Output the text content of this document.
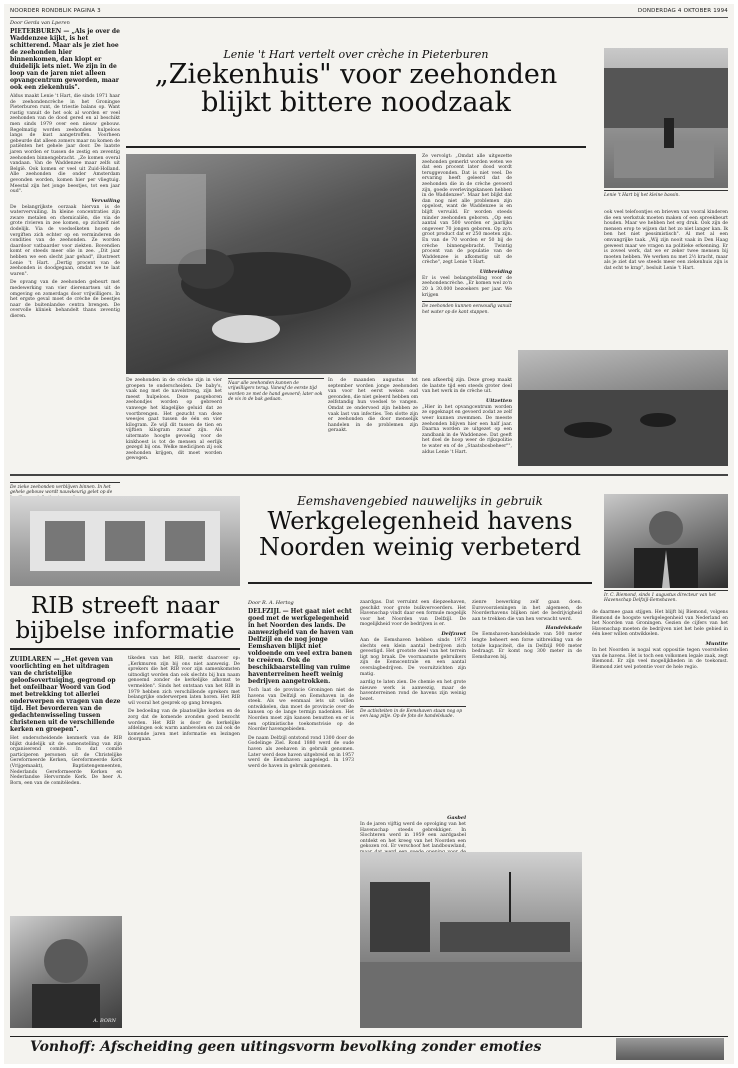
NOORDER RONDBLIK PAGINA 3	DONDERDAG 4 OKTOBER 1994
Door Gerda van Lperen
PIETERBUREN — „Als je over de Waddenzee kijkt, is het schitterend. Maar als je ziet hoe de zeehonden hier binnenkomen, dan klopt er duidelijk iets niet. We zijn in de loop van de jaren niet alleen opvangcentrum geworden, maar ook een ziekenhuis".
Aldus maakt Lenie 't Hart, die sinds 1971 haar de zeehondencrèche in het Groningse Pieterburen runt, de triestie balans op. Want rustig vanuit de het ook al worden er veel zeehonden van de dood gered en al beschikt men sinds 1979 over een nieuw gebouw. Regelmatig worden zeehonden hulpeloos langs de kust aangetroffen. Voorheen gebeurde dat alleen zomers maar nu komen de patiënten het gehele jaar door. De laatste jaren worden er tussen de zestig en zeventig zeehonden binnengebracht. „Ze komen overal vandaan. Van de Waddenzee maar zelfs uit België. Ook komen er veel uit Zuid-Holland. Alle zeehonden die onder Amsterdam gevonden worden, komen hier per vliegtuig. Meestal zijn het jonge beestjes, tot een jaar oud".
Vervuiling
De belangrijkste oorzaak hiervan is de watervervuiling. In kleine concentraties zijn zware metalen en chemicaliën, die via de grote rivieren in zee komen, op zichzelf niet dodelijk. Via de voedselketen hopen de vergiften zich echter op en verminderen de condities van de zeehonden. Ze worden daardoor vatbaarder voor ziekten. Bovendien komt er steeds meer olie in zee. „Dit jaar hebben we een slecht jaar gehad", illustreert Lenie 't Hart. „Dertig procent van de zeehonden is doodgegaan, omdat we te laat waren".
De opvang van de zeehonden gebeurt met medewerking van vier dierenartsen uit de omgeving en zomerdags door vrijwilligers. In het ergste geval moet de crèche de beestjes naar de buitenlandse centra brengen. De overvolle kliniek behandelt thans zeventig dieren.
De zieke zeehonden verblijven binnen. In het gehele gebouw wordt nauwkeurig gelet op de
Lenie 't Hart vertelt over crèche in Pieterburen
„Ziekenhuis" voor zeehonden blijkt bittere noodzaak
De zeehonden in de crèche zijn in vier groepen te onderscheiden. De baby's, vaak nog met de navelstreng, zijn het meest hulpeloos. Deze pasgeboren zeehondjes worden op gebreerd vanwege het klagelijke geluid dat ze voortbrengen. Het gezucht van deze weesjes gaat tussen de één en vier kilogram. Ze wijl dit tussen de tien en vijftien kilogram zwaar zijn. Als uitermate hoogte gevoelig voor de kinkhoest is tot de mensen al eerlijk gezegd bij ons. Welke medicijnen zij ook zeehonden krijgen, dit moet worden gewogen.
Naar alle zeehonden kunnen de vrijwilligers terug. Vaneuf de eerste tijd worden ze met de hand gevoerd; later ook de vis in de bak gedaan.
In de maanden augustus tot september worden jonge zeehonden van voor het eerst weken oud gevonden, die niet geleerd hebben om zelfstandig hun voedsel te vangen. Omdat ze ondervoed zijn hebben ze vaak last van infecties. Ten slotte zijn er zeehonden die door menselijk handelen in de problemen zijn geraakt.
nen afkeerbij zijn. Deze groep maakt de laatste tijd een steeds groter deel van het werk in de crèche uit.
Uitzetten
„Hier in het opvangcentrum worden ze opgeknapt en gevoerd zodat ze zelf weer kunnen zwemmen. De meeste zeehonden blijven hier een half jaar. Daarna worden ze uitgezet op een zandbank in de Waddenzee. Dat geeft het doel de hoop weer de rijkspolitie te water en of de „Staatsbosbeheer"", aldus Lenie 't Hart.
Ze vervolgt: „Omdat alle uitgezette zeehonden gemerkt worden weten we dat een procent later dood wordt teruggevonden. Dat is niet veel. De ervaring heeft geleerd dat de zeehonden die in de crèche gevoerd zijn, goede overlevingskansen hebben in de Waddenzee". Maar het blijkt dat dan nog niet alle problemen zijn opgelost, want de Waddenzee is en blijft vervuild. Er worden steeds minder zeehonden geboren. „Op een aantal van 500 worden er jaarlijks ongeveer 70 jongen geboren. Op zo'n groot product dat er 250 moeten zijn. En van de 70 worden er 50 bij de crèche binnengebracht. Twintig procent van de populatie van de Waddenzee is afkomstig uit de crèche", zegt Lenie 't Hart.
Uitbreiding
Er is veel belangstelling voor de zeehondencrèche. „Er komen wel zo'n 20 à 30.000 bezoekers per jaar. We krijgen
De zeehonden kunnen eenvoudig vanuit het water op de kant stappen.
Lenie 't Hart bij het kleine bassin.
ook veel telefoontjes en brieven van vooral kinderen die een werkstuk moeten maken of een spreekbeurt houden. Maar we hebben het erg druk. Ook zijn de mensen erop te wijzen dat het zo niet langer kan. Ik ben het niet pessimistisch". Al met al een omvangrijke taak. „Wij zijn nooit vaak in Den Haag geweest maar we vragen na politieke erkenning. Er is zoveel werk, dat we er zeker twee mensen bij moeten hebben. We werken nu met 2½ kracht, maar als je ziet dat we steeds meer een ziekenhuis zijn is dat echt te krap", besluit Lenie 't Hart.
RIB streeft naar bijbelse informatie
ZUIDLAREN — „Het geven van voorlichting en het uitdragen van de christelijke geloofsovertuiging, gegrond op het onfeilbaar Woord van God met betrekking tot allerlei onderwerpen en vragen van deze tijd. Het bevorderen van de gedachtenwisseling tussen christenen uit de verschillende kerken en groepen".
Het onderscheidende kenmerk van de RIB blijkt duidelijk uit de samenstelling van zijn organiserend comité. In dat comité participeren personen uit de Christelijke Gereformeerde Kerken, Gereformeerde Kerk (Vrijgemaakt), Baptistengemeenten, Nederlands Gereformeerde Kerken en Nederlandse Hervormde Kerk. De heer A. Born, een van de comitéleden.
tikeden van het RIB, merkt daarover op: „Kerkmuren zijn bij ons niet aanwezig. De sprekers die het RIB voor zijn samenkomsten uitnodigt worden dan ook slechts bij hun naam genoemd zonder de kerkelijke afkomst te vermelden". Sinds het ontstaan van het RIB in 1979 hebben zich verschillende sprekers met belangrijke onderwerpen laten horen. Het RIB wil vooral het gesprek op gang brengen.
De bedoeling van de plaatselijke kerken en de zorg dat de komende avonden goed bezocht worden. Het RIB is door de kerkelijke afdelingen ook warm aanbevolen en zal ook de komende jaren met informatie en lezingen doorgaan.
A. BORN
Eemshavengebied nauwelijks in gebruik
Werkgelegenheid havens Noorden weinig verbeterd
Door R. A. Hertog
DELFZIJL — Het gaat niet echt goed met de werkgelegenheid in het Noorden des lands. De aanwezigheid van de haven van Delfzijl en de nog jonge Eemshaven blijkt niet voldoende om veel extra banen te creëren. Ook de beschikbaarstelling van ruime haventerreinen heeft weinig bedrijven aangetrokken.
Toch laat de provincie Groningen niet de havens van Delfzijl en Eemshaven in de steek. Als we eenmaal iets uit willen ontwikkelen, dan moet de provincie over de kansen op de lange termijn nadenken. Het Noorden moet zijn kansen benutten en er is een optimistische toekomstvisie op de Noorder havengebieden.
De naam Delfzijl ontstond rond 1300 door de Godelinge Ziel. Rond 1880 werd de oude haven als zeehaven in gebruik genomen. Later werd deze haven uitgebreid en in 1957 werd de Eemshaven aangelegd. In 1973 werd de haven in gebruik genomen.
zaardgas. Dat verruimt een diepzeehaven, geschikt voor grote bulkvervoerders. Het Havenschap vindt daar een formule mogelijk voor het Noorden van Delfzijl. De mogelijkheid voor de bedrijven is er.
Delfzuwt
Aan de Eemshaven hebben sinds 1973 slechts een klein aantal bedrijven zich gevestigd. Het grootste deel van het terrein ligt nog braak. De voornaamste gebruikers zijn de Eemscentrale en een aantal overslagbedrijven. De vooruitzichten zijn matig.
aardig te laten zien. De chemie en het grote nieuwe werk is aanwezig, maar de haventerreinen rond de havens zijn weinig bezet.
De activiteiten in de Eemshaven staan nog op een laag pitje. Op de foto de handelskade.
zienre bewerking zelf gaan doen. Eurovoorzieningen in het algemeen, de Noorderhavens blijken niet de bedrijvigheid aan te trekken die van hen verwacht werd.
Handelskade
De Eemshaven-handelskade van 500 meter lengte beheert een forse uitbreiding van de totale kapaciteit, die in Delfzijl 900 meter bedraagt. Er komt nog 300 meter in de Eemshaven bij.
Gasbel
In de jaren vijftig werd de opvolging van het Havenschap steeds gebrekkiger. In Slochteren werd in 1959 een aardgasbel ontdekt en het kreeg van het Noorden een gekozen rol. Er verschoof het landbouwland,
Ir. C. Biemond, sinds 1 augustus directeur van het Havenschap Delfzijl-Eemshaven.
de daarmee gaan stijgen. Het blijft bij Biemond, volgens Biemond de hoogste werkgelegenheid van Nederland en het Noorden van Groningen. Gezien de cijfers van het Havenschap moeten de bedrijven niet het hele gebied in één keer willen ontwikkelen.
Muntite
In het Noorden is nogal wat oppositie tegen voorstellen van de havens. Het is toch een volkomen legale zaak, zegt Biemond. Er zijn veel mogelijkheden in de toekomst. Biemond ziet wel potentie voor de hele regio.
Vonhoff: Afscheiding geen uitingsvorm bevolking zonder emoties
